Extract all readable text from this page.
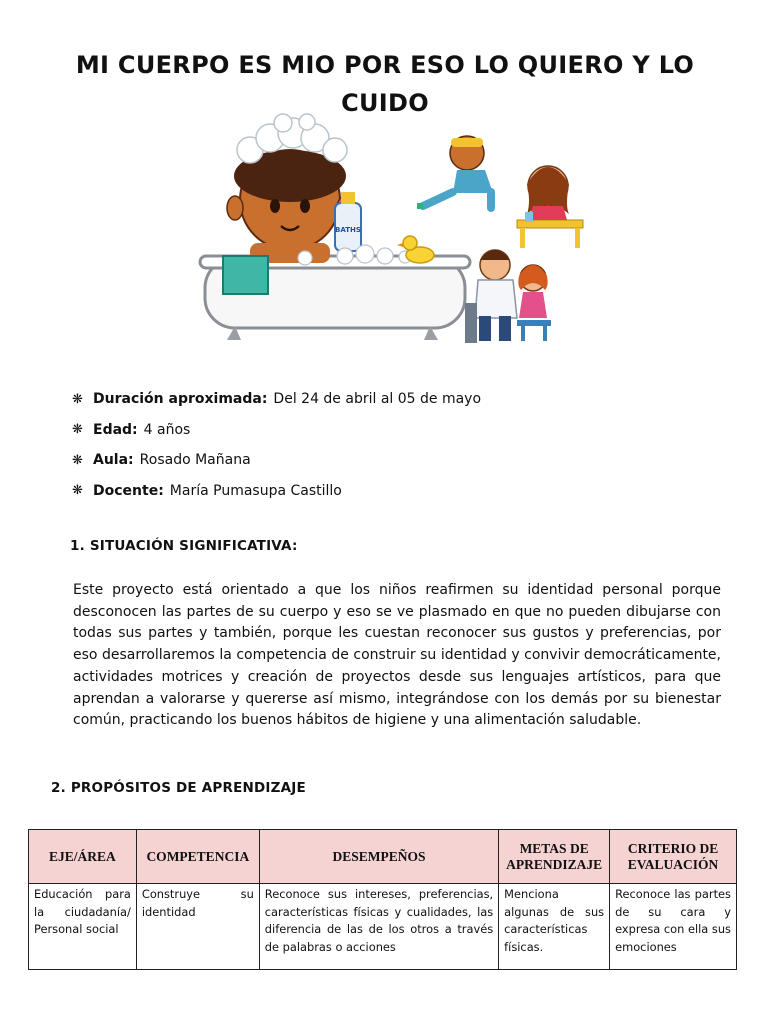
MI CUERPO ES MIO POR ESO LO QUIERO Y LO CUIDO
BATHS
❋ Duración aproximada: Del 24 de abril al 05 de mayo
❋ Edad: 4 años
❋ Aula: Rosado Mañana
❋ Docente: María Pumasupa Castillo
1. SITUACIÓN SIGNIFICATIVA:

Este proyecto está orientado a que los niños reafirmen su identidad personal porque desconocen las partes de su cuerpo y eso se ve plasmado en que no pueden dibujarse con todas sus partes y también, porque les cuestan reconocer sus gustos y preferencias, por eso desarrollaremos la competencia de construir su identidad y convivir democráticamente, actividades motrices y creación de proyectos desde sus lenguajes artísticos, para que aprendan a valorarse y quererse así mismo, integrándose con los demás por su bienestar común, practicando los buenos hábitos de higiene y una alimentación saludable.

2. PROPÓSITOS DE APRENDIZAJE
EJE/ÁREA	COMPETENCIA	DESEMPEÑOS	METAS DE APRENDIZAJE	CRITERIO DE EVALUACIÓN
Educación para la ciudadanía/ Personal social	Construye su identidad	Reconoce sus intereses, preferencias, características físicas y cualidades, las diferencia de las de los otros a través de palabras o acciones	Menciona algunas de sus características físicas.	Reconoce las partes de su cara y expresa con ella sus emociones
